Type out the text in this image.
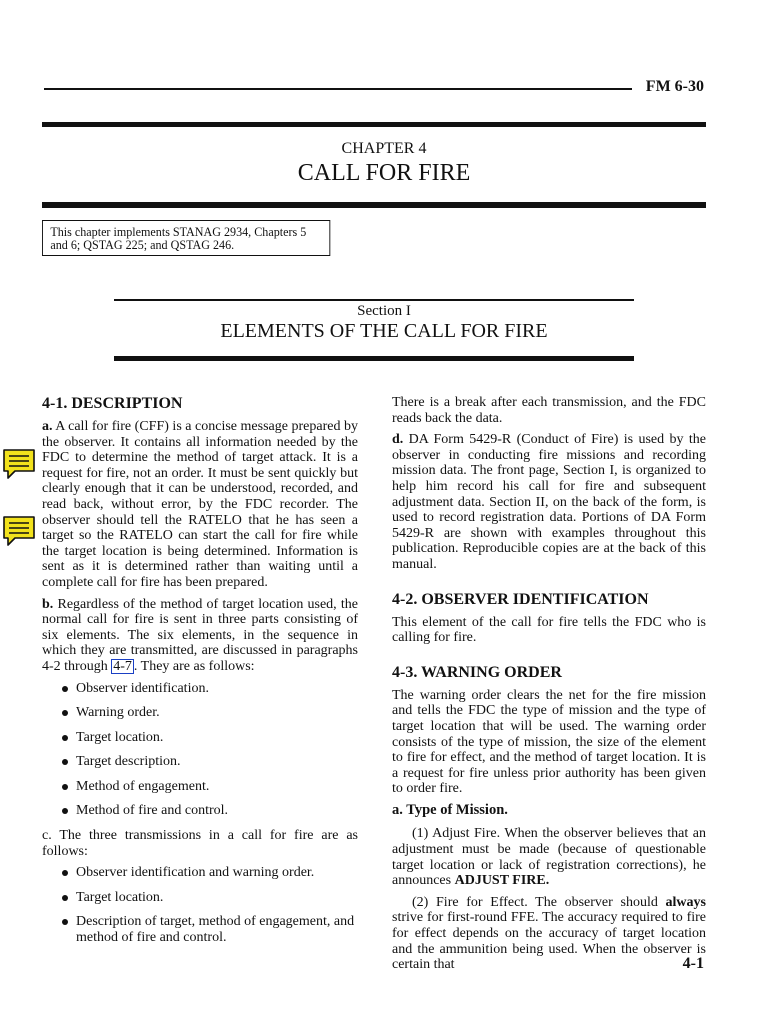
FM 6-30
CHAPTER 4
CALL FOR FIRE
This chapter implements STANAG 2934, Chapters 5 and 6; QSTAG 225; and QSTAG 246.
Section I
ELEMENTS OF THE CALL FOR FIRE
4-1. DESCRIPTION

a. A call for fire (CFF) is a concise message prepared by the observer. It contains all information needed by the FDC to determine the method of target attack. It is a request for fire, not an order. It must be sent quickly but clearly enough that it can be understood, recorded, and read back, without error, by the FDC recorder. The observer should tell the RATELO that he has seen a target so the RATELO can start the call for fire while the target location is being determined. Information is sent as it is determined rather than waiting until a complete call for fire has been prepared.

b. Regardless of the method of target location used, the normal call for fire is sent in three parts consisting of six elements. The six elements, in the sequence in which they are transmitted, are discussed in paragraphs 4-2 through 4-7 . They are as follows:

Observer identification.
Warning order.
Target location.
Target description.
Method of engagement.
Method of fire and control.

c. The three transmissions in a call for fire are as follows:

Observer identification and warning order.
Target location.
Description of target, method of engagement, and method of fire and control.

There is a break after each transmission, and the FDC reads back the data.

d. DA Form 5429-R (Conduct of Fire) is used by the observer in conducting fire missions and recording mission data. The front page, Section I, is organized to help him record his call for fire and subsequent adjustment data. Section II, on the back of the form, is used to record registration data. Portions of DA Form 5429-R are shown with examples throughout this publication. Reproducible copies are at the back of this manual.

4-2. OBSERVER IDENTIFICATION

This element of the call for fire tells the FDC who is calling for fire.

4-3. WARNING ORDER

The warning order clears the net for the fire mission and tells the FDC the type of mission and the type of target location that will be used. The warning order consists of the type of mission, the size of the element to fire for effect, and the method of target location. It is a request for fire unless prior authority has been given to order fire.

a. Type of Mission.

(1) Adjust Fire. When the observer believes that an adjustment must be made (because of questionable target location or lack of registration corrections), he announces ADJUST FIRE.

(2) Fire for Effect. The observer should always strive for first-round FFE. The accuracy required to fire for effect depends on the accuracy of target location and the ammunition being used. When the observer is certain that	4-1
